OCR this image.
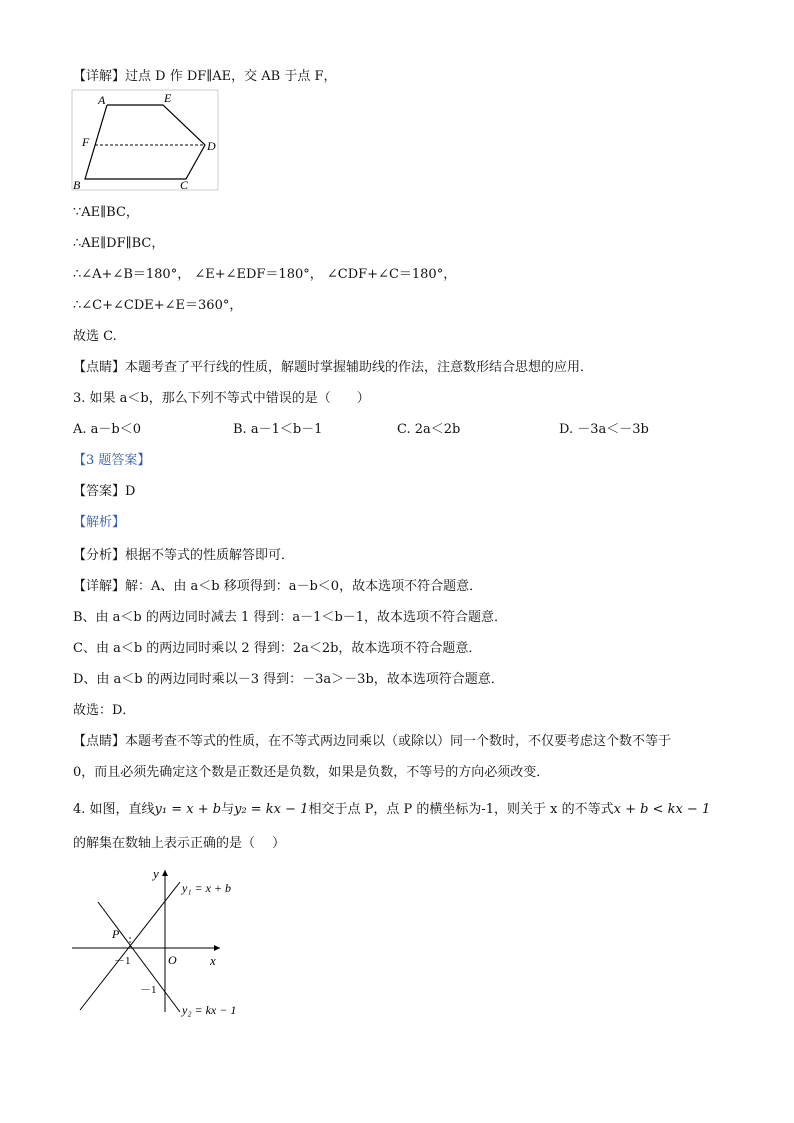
【详解】过点 D 作 DF∥AE，交 AB 于点 F，
A	E
F	D
B	C
∵AE∥BC，
∴AE∥DF∥BC，
∴∠A+∠B＝180°， ∠E+∠EDF＝180°， ∠CDF+∠C＝180°，
∴∠C+∠CDE+∠E＝360°，
故选 C.
【点睛】本题考查了平行线的性质，解题时掌握辅助线的作法，注意数形结合思想的应用．
3. 如果 a＜b，那么下列不等式中错误的是（　　）
A. a－b＜0	B. a－1＜b－1	C. 2a＜2b	D. －3a＜－3b
【3 题答案】
【答案】D
【解析】
【分析】根据不等式的性质解答即可．
【详解】解：A、由 a＜b 移项得到：a－b＜0，故本选项不符合题意．
B、由 a＜b 的两边同时减去 1 得到：a－1＜b－1，故本选项不符合题意．
C、由 a＜b 的两边同时乘以 2 得到：2a＜2b，故本选项不符合题意．
D、由 a＜b 的两边同时乘以－3 得到：－3a＞－3b，故本选项符合题意．
故选：D．
【点睛】本题考查不等式的性质，在不等式两边同乘以（或除以）同一个数时，不仅要考虑这个数不等于
0，而且必须先确定这个数是正数还是负数，如果是负数，不等号的方向必须改变．
4. 如图，直线y₁ = x + b与y₂ = kx − 1相交于点 P，点 P 的横坐标为-1，则关于 x 的不等式x + b < kx − 1
的解集在数轴上表示正确的是（　 ）
y
x
O
P
－1
－1
y₁ = x + b
y₂ = kx − 1
